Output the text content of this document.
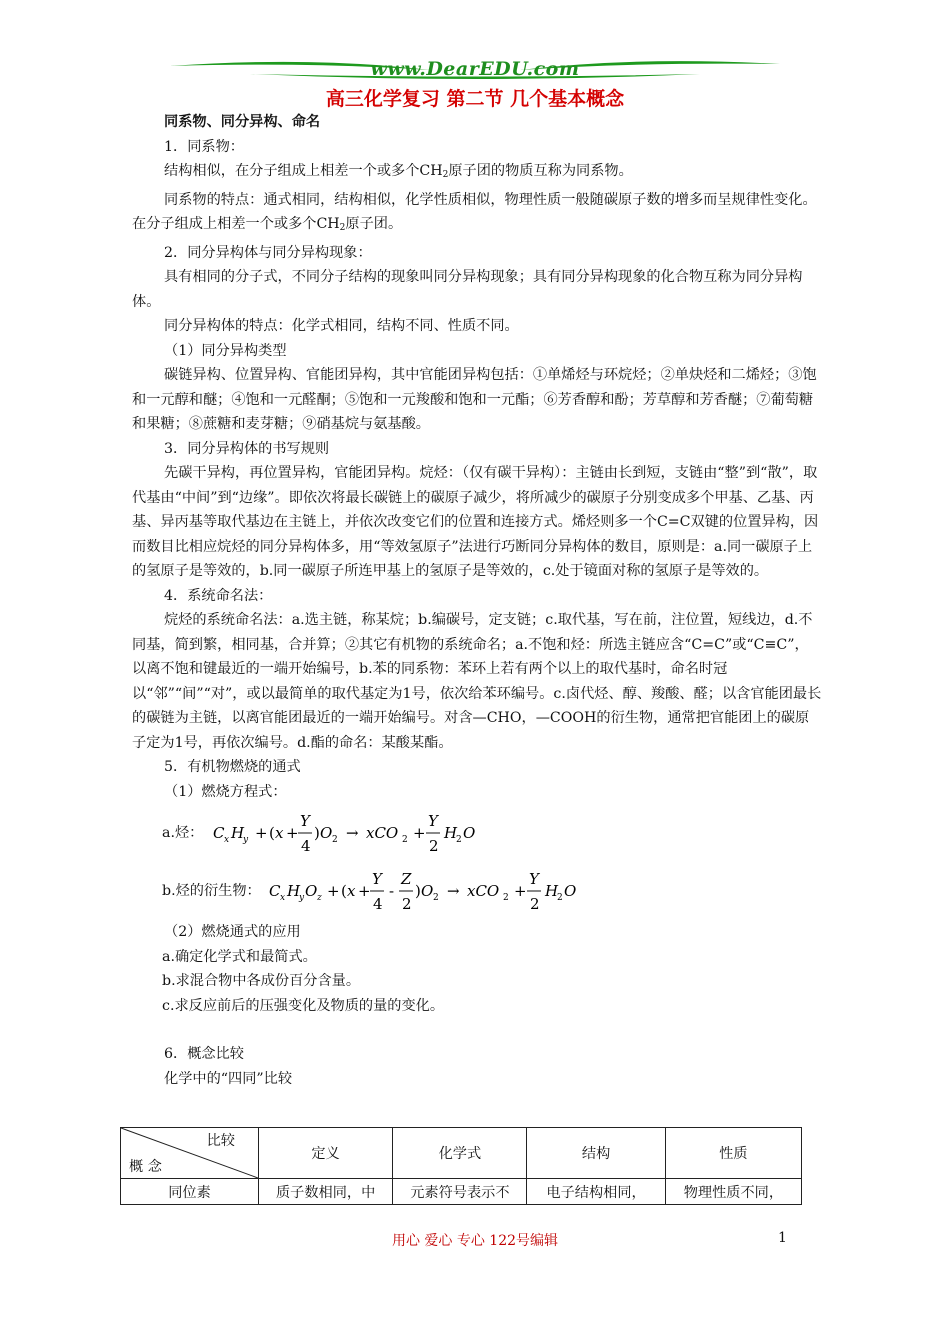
www.DearEDU.com
高三化学复习 第二节 几个基本概念

同系物、同分异构、命名

1．同系物：

结构相似，在分子组成上相差一个或多个$CH_2$原子团的物质互称为同系物。

同系物的特点：通式相同，结构相似，化学性质相似，物理性质一般随碳原子数的增多而呈规律性变化。在分子组成上相差一个或多个$CH_2$原子团。

2．同分异构体与同分异构现象：

具有相同的分子式，不同分子结构的现象叫同分异构现象；具有同分异构现象的化合物互称为同分异构体。

同分异构体的特点：化学式相同，结构不同、性质不同。

（1）同分异构类型

碳链异构、位置异构、官能团异构，其中官能团异构包括：①单烯烃与环烷烃；②单炔烃和二烯烃；③饱和一元醇和醚；④饱和一元醛酮；⑤饱和一元羧酸和饱和一元酯；⑥芳香醇和酚；芳草醇和芳香醚；⑦葡萄糖和果糖；⑧蔗糖和麦芽糖；⑨硝基烷与氨基酸。

3．同分异构体的书写规则

先碳干异构，再位置异构，官能团异构。烷烃：（仅有碳干异构）：主链由长到短，支链由“整”到“散”，取代基由“中间”到“边缘”。即依次将最长碳链上的碳原子减少，将所减少的碳原子分别变成多个甲基、乙基、丙基、异丙基等取代基边在主链上，并依次改变它们的位置和连接方式。烯烃则多一个C=C双键的位置异构，因而数目比相应烷烃的同分异构体多，用“等效氢原子”法进行巧断同分异构体的数目，原则是：a.同一碳原子上的氢原子是等效的，b.同一碳原子所连甲基上的氢原子是等效的，c.处于镜面对称的氢原子是等效的。

4．系统命名法：

烷烃的系统命名法：a.选主链，称某烷；b.编碳号，定支链；c.取代基，写在前，注位置，短线边，d.不同基，简到繁，相同基，合并算；②其它有机物的系统命名；a.不饱和烃：所选主链应含“C=C”或“C≡C”，以离不饱和键最近的一端开始编号，b.苯的同系物：苯环上若有两个以上的取代基时，命名时冠以“邻”“间”“对”，或以最简单的取代基定为1号，依次给苯环编号。c.卤代烃、醇、羧酸、醛；以含官能团最长的碳链为主链，以离官能团最近的一端开始编号。对含—CHO，—COOH的衍生物，通常把官能团上的碳原子定为1号，再依次编号。d.酯的命名：某酸某酯。

5．有机物燃烧的通式

（1）燃烧方程式：

a.烃： C x H
y + ( x +
Y
4
) O 2 → xCO 2 +
Y
2
H
2 O
b.烃的衍生物： C x H
y O z + ( x +
Y
4
-
Z
2
) O 2 → xCO 2 +
Y
2
H
2 O

（2）燃烧通式的应用

a.确定化学式和最简式。

b.求混合物中各成份百分含量。

c.求反应前后的压强变化及物质的量的变化。

6．概念比较

化学中的“四同”比较

比较
概 念	定义	化学式	结构	性质
同位素	质子数相同，中	元素符号表示不	电子结构相同，	物理性质不同，
用心 爱心 专心 122号编辑	1
